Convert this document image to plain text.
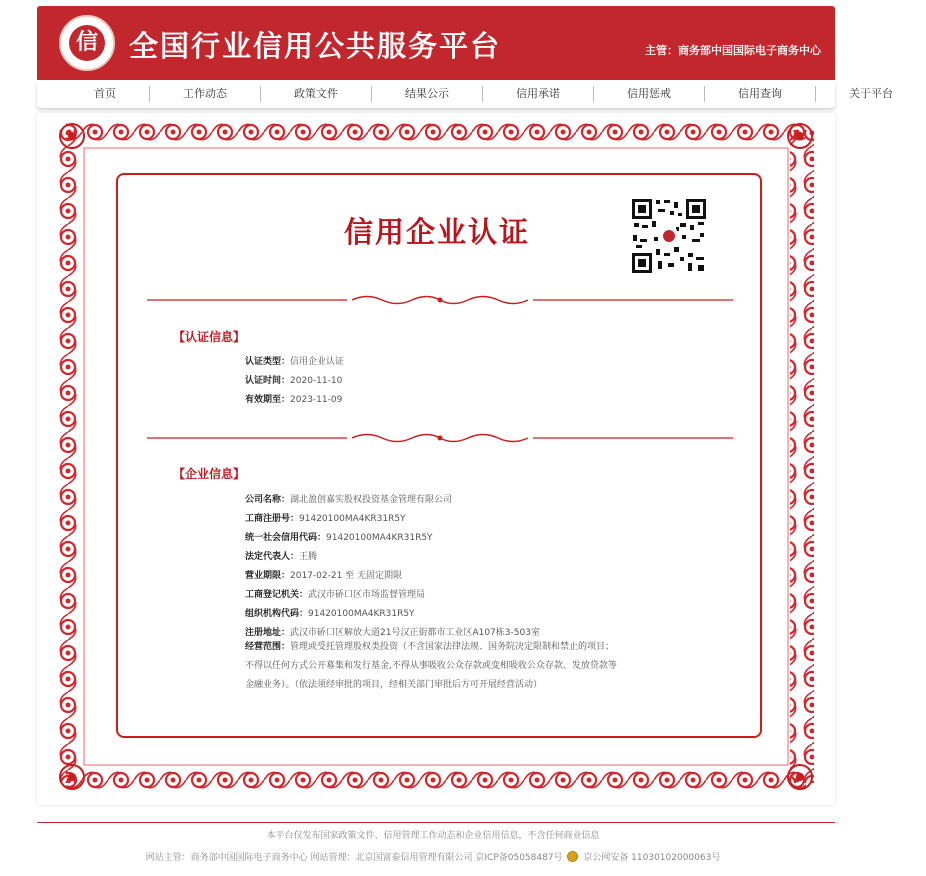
信 全国行业信用公共服务平台	主管：商务部中国国际电子商务中心
首页	工作动态	政策文件	结果公示	信用承诺	信用惩戒	信用查询	关于平台
信用企业认证
【认证信息】
认证类型：信用企业认证
认证时间：2020-11-10
有效期至：2023-11-09
【企业信息】
公司名称：湖北盈创嘉实股权投资基金管理有限公司
工商注册号：91420100MA4KR31R5Y
统一社会信用代码：91420100MA4KR31R5Y
法定代表人：王腾
营业期限：2017-02-21 至 无固定期限
工商登记机关：武汉市硚口区市场监督管理局
组织机构代码：91420100MA4KR31R5Y
注册地址：武汉市硚口区解放大道21号汉正街都市工业区A107栋3-503室
经营范围：管理或受托管理股权类投资（不含国家法律法规、国务院决定限制和禁止的项目；
不得以任何方式公开募集和发行基金,不得从事吸收公众存款或变相吸收公众存款、发放贷款等
金融业务）。（依法须经审批的项目，经相关部门审批后方可开展经营活动）
本平台仅发布国家政策文件、信用管理工作动态和企业信用信息，不含任何商业信息
网站主管：商务部中国国际电子商务中心 网站管理：北京国富泰信用管理有限公司 京ICP备05058487号 京公网安备 11030102000063号
